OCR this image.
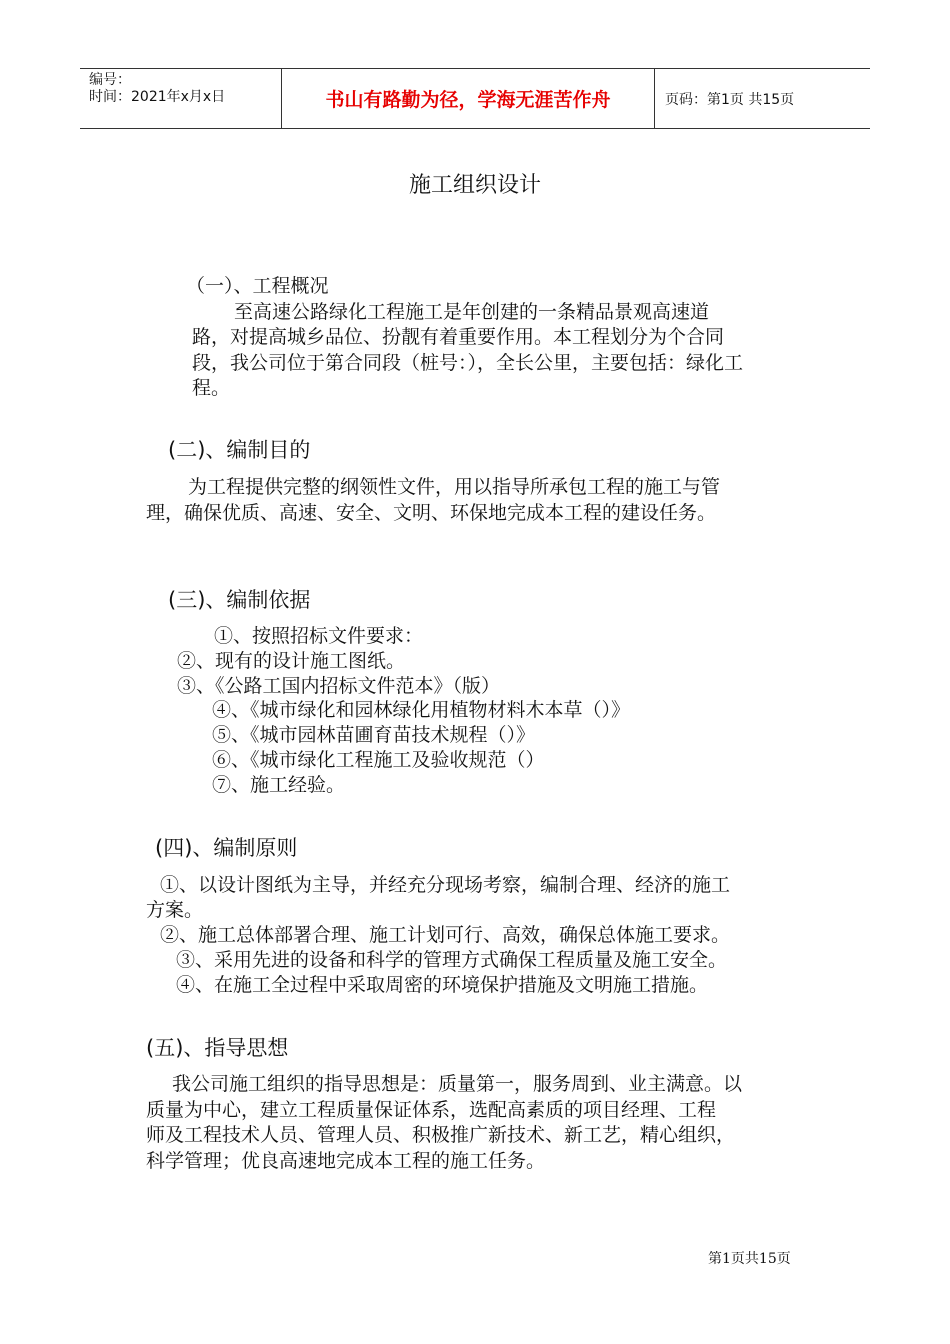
编号：
时间：2021年x月x日	书山有路勤为径，学海无涯苦作舟	页码：第1页 共15页
施工组织设计

（一）、工程概况

至高速公路绿化工程施工是年创建的一条精品景观高速道

路，对提高城乡品位、扮靓有着重要作用。本工程划分为个合同

段，我公司位于第合同段（桩号：），全长公里，主要包括：绿化工

程。

(二)、编制目的

为工程提供完整的纲领性文件，用以指导所承包工程的施工与管

理，确保优质、高速、安全、文明、环保地完成本工程的建设任务。

(三)、编制依据

①、按照招标文件要求：

②、现有的设计施工图纸。

③、《公路工国内招标文件范本》（版）

④、《城市绿化和园林绿化用植物材料木本草（）》

⑤、《城市园林苗圃育苗技术规程（）》

⑥、《城市绿化工程施工及验收规范（）

⑦、施工经验。

(四)、编制原则

①、以设计图纸为主导，并经充分现场考察，编制合理、经济的施工

方案。

②、施工总体部署合理、施工计划可行、高效，确保总体施工要求。

③、采用先进的设备和科学的管理方式确保工程质量及施工安全。

④、在施工全过程中采取周密的环境保护措施及文明施工措施。

(五)、指导思想

我公司施工组织的指导思想是：质量第一，服务周到、业主满意。以

质量为中心，建立工程质量保证体系，选配高素质的项目经理、工程

师及工程技术人员、管理人员、积极推广新技术、新工艺，精心组织，

科学管理；优良高速地完成本工程的施工任务。

第1页共15页
